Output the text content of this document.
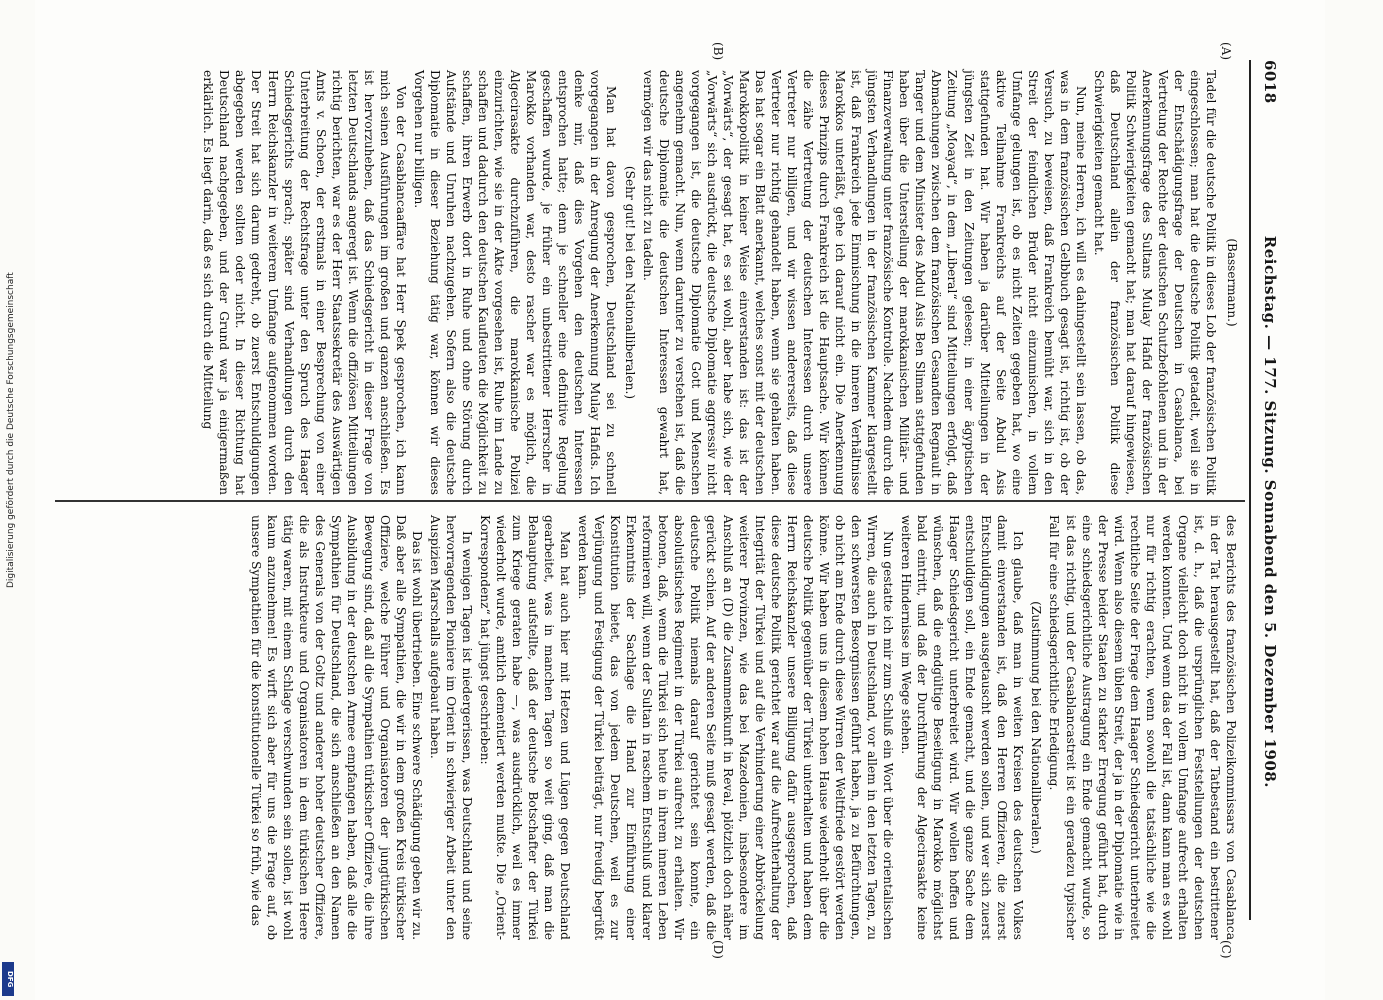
6018
Reichstag. — 177. Sitzung. Sonnabend den 5. Dezember 1908.
(A)
(B)
(C)
(D)
(Bassermann.)

Tadel für die deutsche Politik in dieses Lob der französischen Politik eingeschlossen; man hat die deutsche Politik getadelt, weil sie in der Entschädigungsfrage der Deutschen in Casablanca, bei Vertretung der Rechte der deutschen Schutzbefohlenen und in der Anerkennungsfrage des Sultans Mulay Hafid der französischen Politik Schwierigkeiten gemacht hat; man hat darauf hingewiesen, daß Deutschland allein der französischen Politik diese Schwierigkeiten gemacht hat.

Nun, meine Herren, ich will es dahingestellt sein lassen, ob das, was in dem französischen Gelbbuch gesagt ist, richtig ist, ob der Versuch, zu beweisen, daß Frankreich bemüht war, sich in den Streit der feindlichen Brüder nicht einzumischen, in vollem Umfange gelungen ist, ob es nicht Zeiten gegeben hat, wo eine aktive Teilnahme Frankreichs auf der Seite Abdul Asis stattgefunden hat. Wir haben ja darüber Mitteilungen in der jüngsten Zeit in den Zeitungen gelesen; in einer ägyptischen Zeitung „Moayad“, in dem „Liberal“ sind Mitteilungen erfolgt, daß Abmachungen zwischen dem französischen Gesandten Regnault in Tanger und dem Minister des Abdul Asis Ben Sliman stattgefunden haben über die Unterstellung der marokkanischen Militär- und Finanzverwaltung unter französische Kontrolle. Nachdem durch die jüngsten Verhandlungen in der französischen Kammer klargestellt ist, daß Frankreich jede Einmischung in die inneren Verhältnisse Marokkos unterläßt, gehe ich darauf nicht ein. Die Anerkennung dieses Prinzips durch Frankreich ist die Hauptsache. Wir können die zähe Vertretung der deutschen Interessen durch unsere Vertreter nur billigen, und wir wissen andererseits, daß diese Vertreter nur richtig gehandelt haben, wenn sie gehalten haben. Das hat sogar ein Blatt anerkannt, welches sonst mit der deutschen Marokkopolitik in keiner Weise einverstanden ist: das ist der „Vorwärts“, der gesagt hat, es sei wohl, aber habe sich, wie der „Vorwärts“ sich ausdrückt, die deutsche Diplomatie aggressiv nicht vorgegangen ist, die deutsche Diplomatie Gott und Menschen angenehm gemacht. Nun, wenn darunter zu verstehen ist, daß die deutsche Diplomatie die deutschen Interessen gewahrt hat, vermögen wir das nicht zu tadeln.

(Sehr gut! bei den Nationalliberalen.)

Man hat davon gesprochen, Deutschland sei zu schnell vorgegangen in der Anregung der Anerkennung Mulay Hafids. Ich denke mir, daß dies Vorgehen den deutschen Interessen entsprochen hatte; denn je schneller eine definitive Regelung geschaffen wurde, je früher ein unbestrittener Herrscher in Marokko vorhanden war, desto rascher war es möglich, die Algecirasakte durchzuführen, die marokkanische Polizei einzurichten, wie sie in der Akte vorgesehen ist, Ruhe im Lande zu schaffen und dadurch den deutschen Kaufleuten die Möglichkeit zu schaffen, ihren Erwerb dort in Ruhe und ohne Störung durch Aufstände und Unruhen nachzugehen. Sofern also die deutsche Diplomatie in dieser Beziehung tätig war, können wir dieses Vorgehen nur billigen.

Von der Casablancaaffäre hat Herr Spek gesprochen, ich kann mich seinen Ausführungen im großen und ganzen anschließen. Es ist hervorzuheben, daß das Schiedsgericht in dieser Frage von letzten Deutschlands angeregt ist. Wenn die offiziösen Mitteilungen richtig berichten, war es der Herr Staatssekretär des Auswärtigen Amts v. Schoen, der erstmals in einer Besprechung von einer Unterbreitung der Rechtsfrage unter den Spruch des Haager Schiedsgerichts sprach; später sind Verhandlungen durch den Herrn Reichskanzler in weiterem Umfange aufgenommen worden. Der Streit hat sich darum gedreht, ob zuerst Entschuldigungen abgegeben werden sollten oder nicht. In dieser Richtung hat Deutschland nachgegeben, und der Grund war ja einigermaßen erklärlich. Es liegt darin, daß es sich durch die Mitteilung

des Berichts des französischen Polizeikommissars von Casablanca in der Tat herausgestellt hat, daß der Tatbestand ein bestrittener ist, d. h., daß die ursprünglichen Feststellungen der deutschen Organe vielleicht doch nicht in vollem Umfange aufrecht erhalten werden konnten. Und wenn das der Fall ist, dann kann man es wohl nur für richtig erachten, wenn sowohl die tatsächliche wie die rechtliche Seite der Frage dem Haager Schiedsgericht unterbreitet wird. Wenn also diesem üblen Streit, der ja in der Diplomatie wie in der Presse beider Staaten zu starker Erregung geführt hat, durch eine schiedsgerichtliche Austragung ein Ende gemacht wurde, so ist das richtig, und der Casablancastreit ist ein geradezu typischer Fall für eine schiedsgerichtliche Erledigung.

(Zustimmung bei den Nationalliberalen.)

Ich glaube, daß man in weiten Kreisen des deutschen Volkes damit einverstanden ist, daß den Herren Offizieren, die zuerst Entschuldigungen ausgetauscht werden sollen, und wer sich zuerst entschuldigen soll, ein Ende gemacht, und die ganze Sache dem Haager Schiedsgericht unterbreitet wird. Wir wollen hoffen und wünschen, daß die endgültige Beseitigung in Marokko möglichst bald eintritt, und daß der Durchführung der Algecirasakte keine weiteren Hindernisse im Wege stehen.

Nun gestatte ich mir zum Schluß ein Wort über die orientalischen Wirren, die auch in Deutschland, vor allem in den letzten Tagen, zu den schwersten Besorgnissen geführt haben, ja zu Befürchtungen, ob nicht am Ende durch diese Wirren der Weltfriede gestört werden könne. Wir haben uns in diesem hohen Hause wiederholt über die deutsche Politik gegenüber der Türkei unterhalten und haben dem Herrn Reichskanzler unsere Billigung dafür ausgesprochen, daß diese deutsche Politik gerichtet war auf die Aufrechterhaltung der Integrität der Türkei und auf die Verhinderung einer Abbröckelung weiterer Provinzen, wie das bei Mazedonien, insbesondere im Anschluß an (D) die Zusammenkunft in Reval, plötzlich doch näher gerückt schien. Auf der anderen Seite muß gesagt werden, daß die deutsche Politik niemals darauf gerichtet sein konnte, ein absolutistisches Regiment in der Türkei aufrecht zu erhalten. Wir betonen, daß, wenn die Türkei sich heute in ihrem inneren Leben reformieren will, wenn der Sultan in raschem Entschluß und klarer Erkenntnis der Sachlage die Hand zur Einführung einer Konstitution bietet, das von jedem Deutschen, weil es zur Verjüngung und Festigung der Türkei beiträgt, nur freudig begrüßt werden kann.

Man hat auch hier mit Hetzen und Lügen gegen Deutschland gearbeitet, was in manchen Tagen so weit ging, daß man die Behauptung aufstellte, daß der deutsche Botschafter der Türkei zum Kriege geraten habe —, was ausdrücklich, weil es immer wiederholt wurde, amtlich dementiert werden mußte. Die „Orient-Korrespondenz“ hat jüngst geschrieben:

In wenigen Tagen ist niedergerissen, was Deutschland und seine hervorragenden Pioniere im Orient in schwieriger Arbeit unter den Auspizien Marschalls aufgebaut haben.

Das ist wohl übertrieben. Eine schwere Schädigung geben wir zu. Daß aber alle Sympathien, die wir in dem großen Kreis türkischer Offiziere, welche Führer und Organisatoren der jungtürkischen Bewegung sind, daß all die Sympathien türkischer Offiziere, die ihre Ausbildung in der deutschen Armee empfangen haben, daß alle die Sympathien für Deutschland, die sich anschließen an den Namen des Generals von der Goltz und anderer hoher deutscher Offiziere, die als Instrukteure und Organisatoren in dem türkischen Heere tätig waren, mit einem Schlage verschwunden sein sollen, ist wohl kaum anzunehmen! Es wirft sich aber für uns die Frage auf, ob unsere Sympathien für die konstitutionelle Türkei so früh, wie das

Digitalisierung gefördert durch die Deutsche Forschungsgemeinschaft
DFG
